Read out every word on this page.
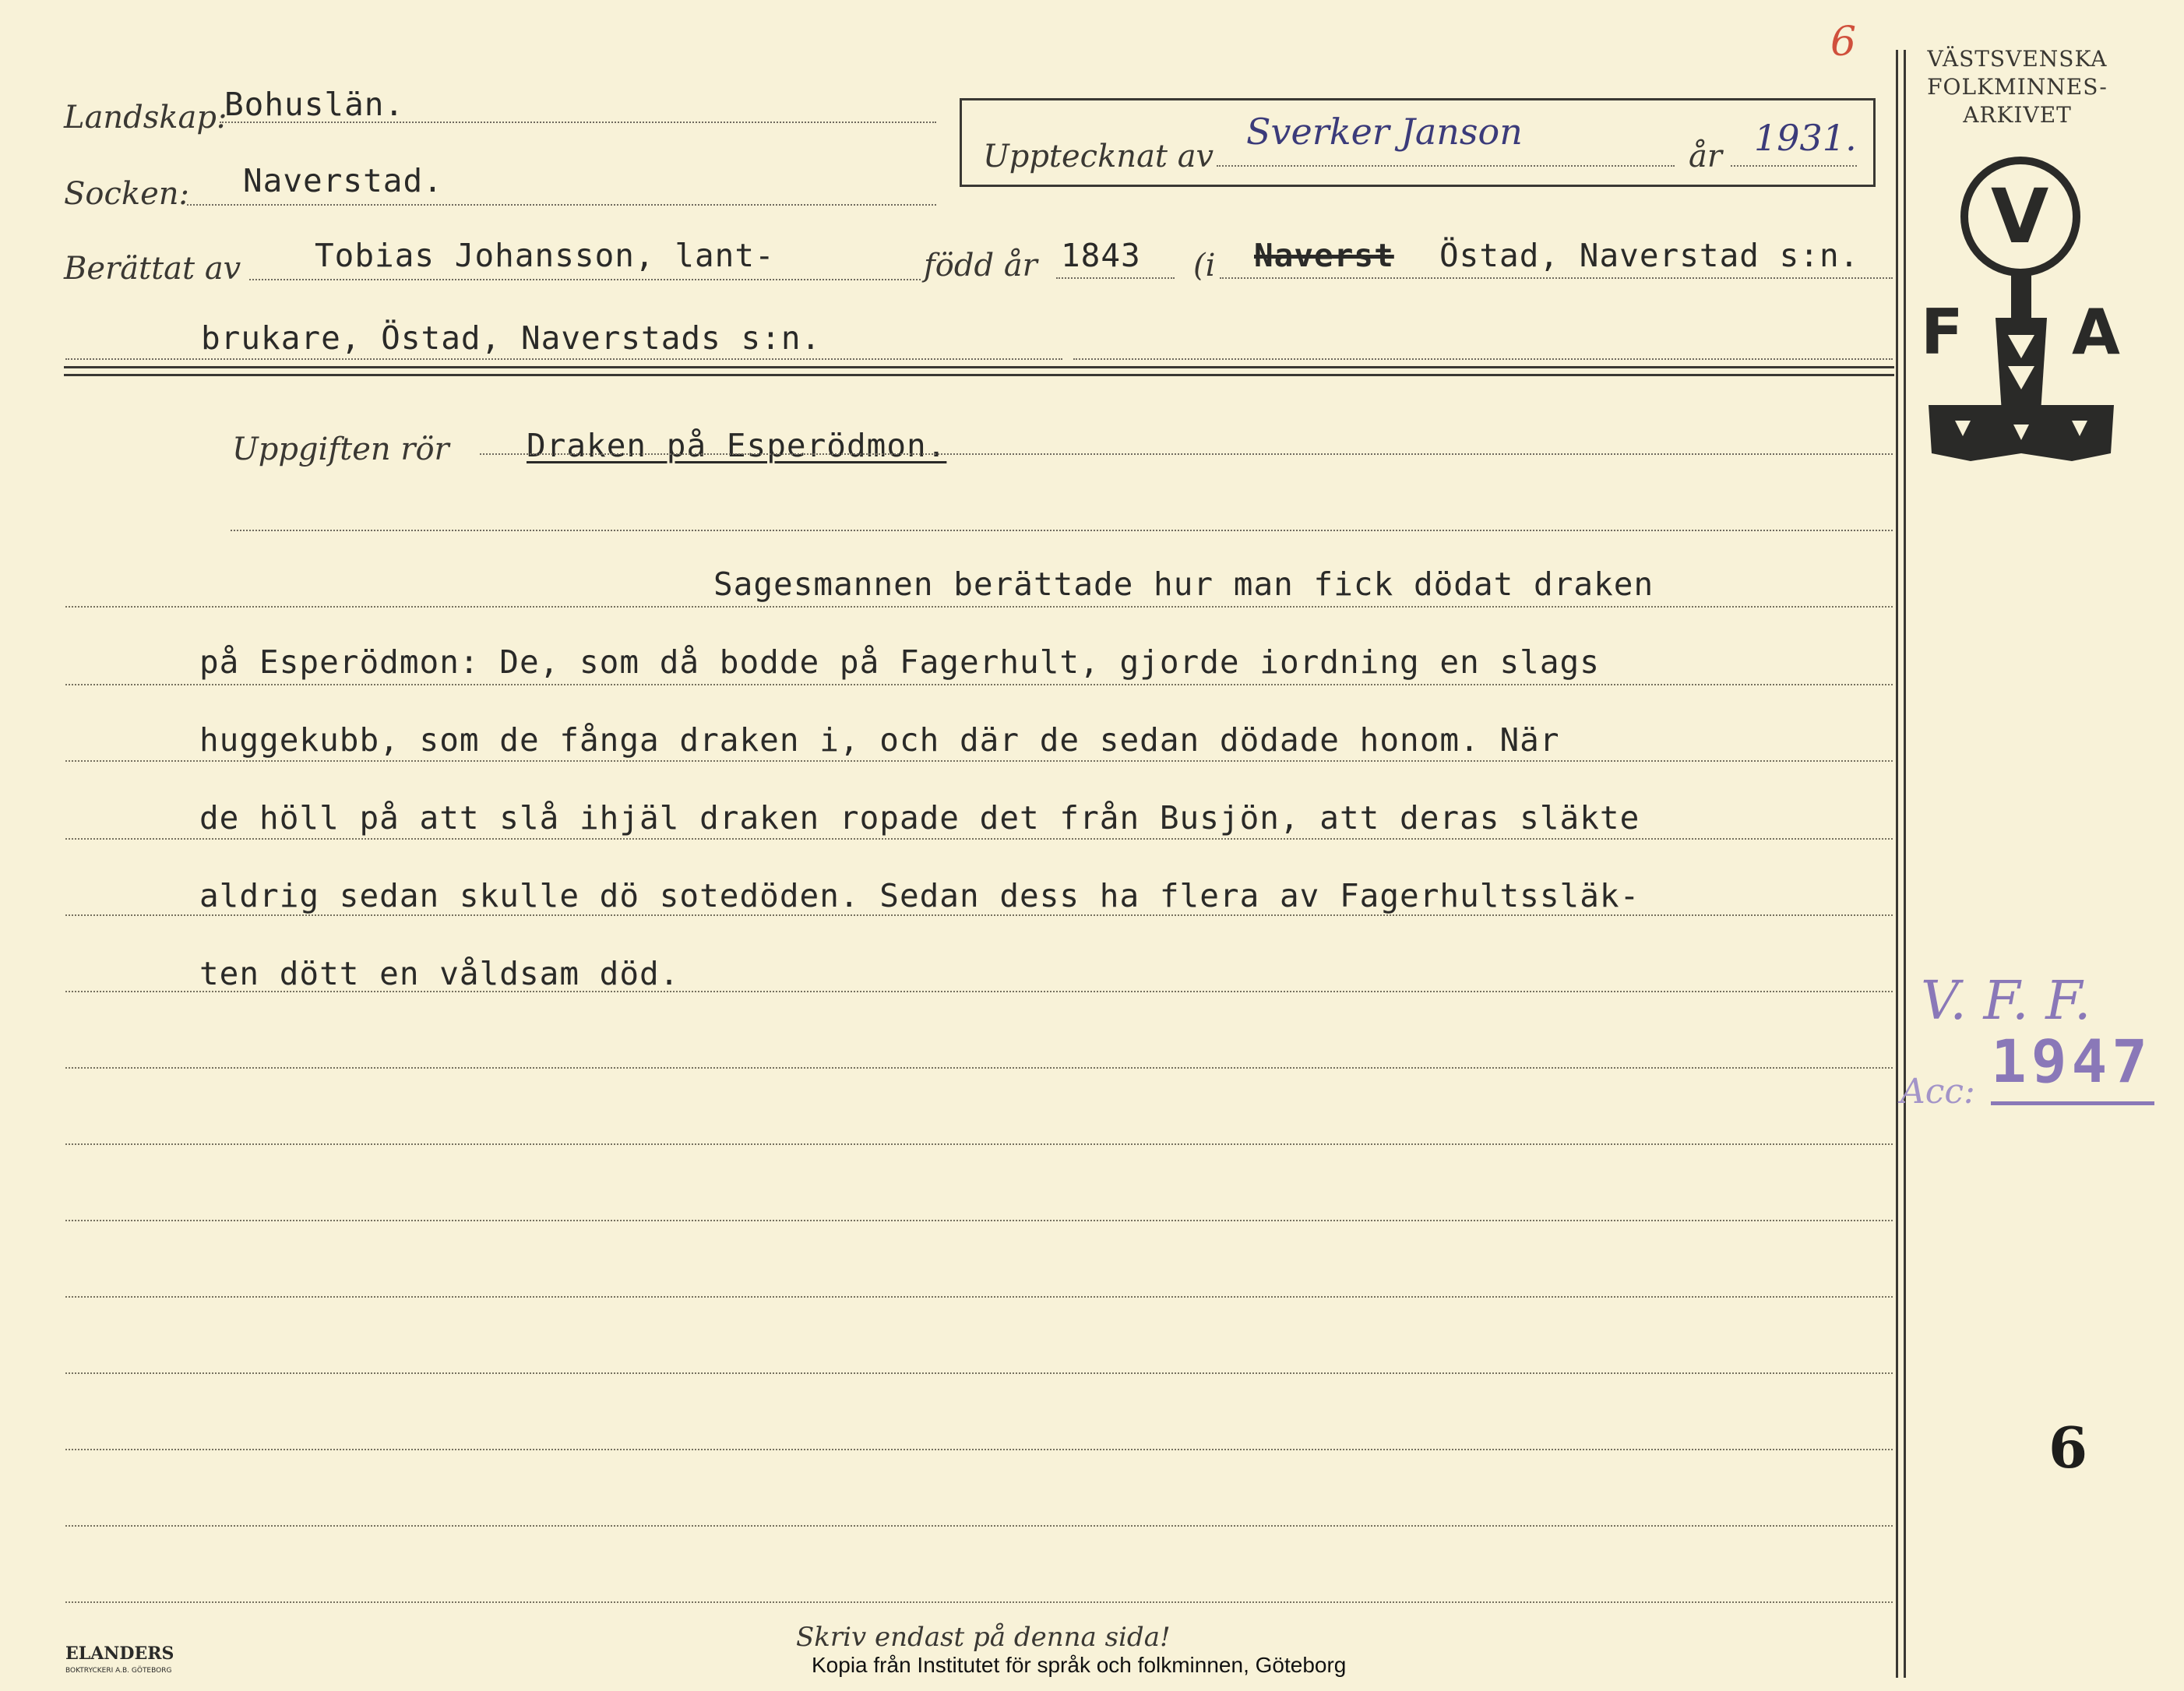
Landskap:
Bohuslän.
Socken: Naverstad.
Upptecknat av
Sverker Janson
år 1931.
Berättat av Tobias Johansson, lant-	född år 1843 (i Naverst Östad, Naverstad s:n.
brukare, Östad, Naverstads s:n.
Uppgiften rör Draken på Esperödmon.
Sagesmannen berättade hur man fick dödat draken
på Esperödmon: De, som då bodde på Fagerhult, gjorde iordning en slags
huggekubb, som de fånga draken i, och där de sedan dödade honom. När
de höll på att slå ihjäl draken ropade det från Busjön, att deras släkte
aldrig sedan skulle dö sotedöden. Sedan dess ha flera av Fagerhultssläk-
ten dött en våldsam död.
6	VÄSTSVENSKA
FOLKMINNES-
ARKIVET
V
F A
V. F. F.
Acc: 1947
6
ELANDERS
BOKTRYCKERI A.B. GÖTEBORG
Skriv endast på denna sida!
Kopia från Institutet för språk och folkminnen, Göteborg
